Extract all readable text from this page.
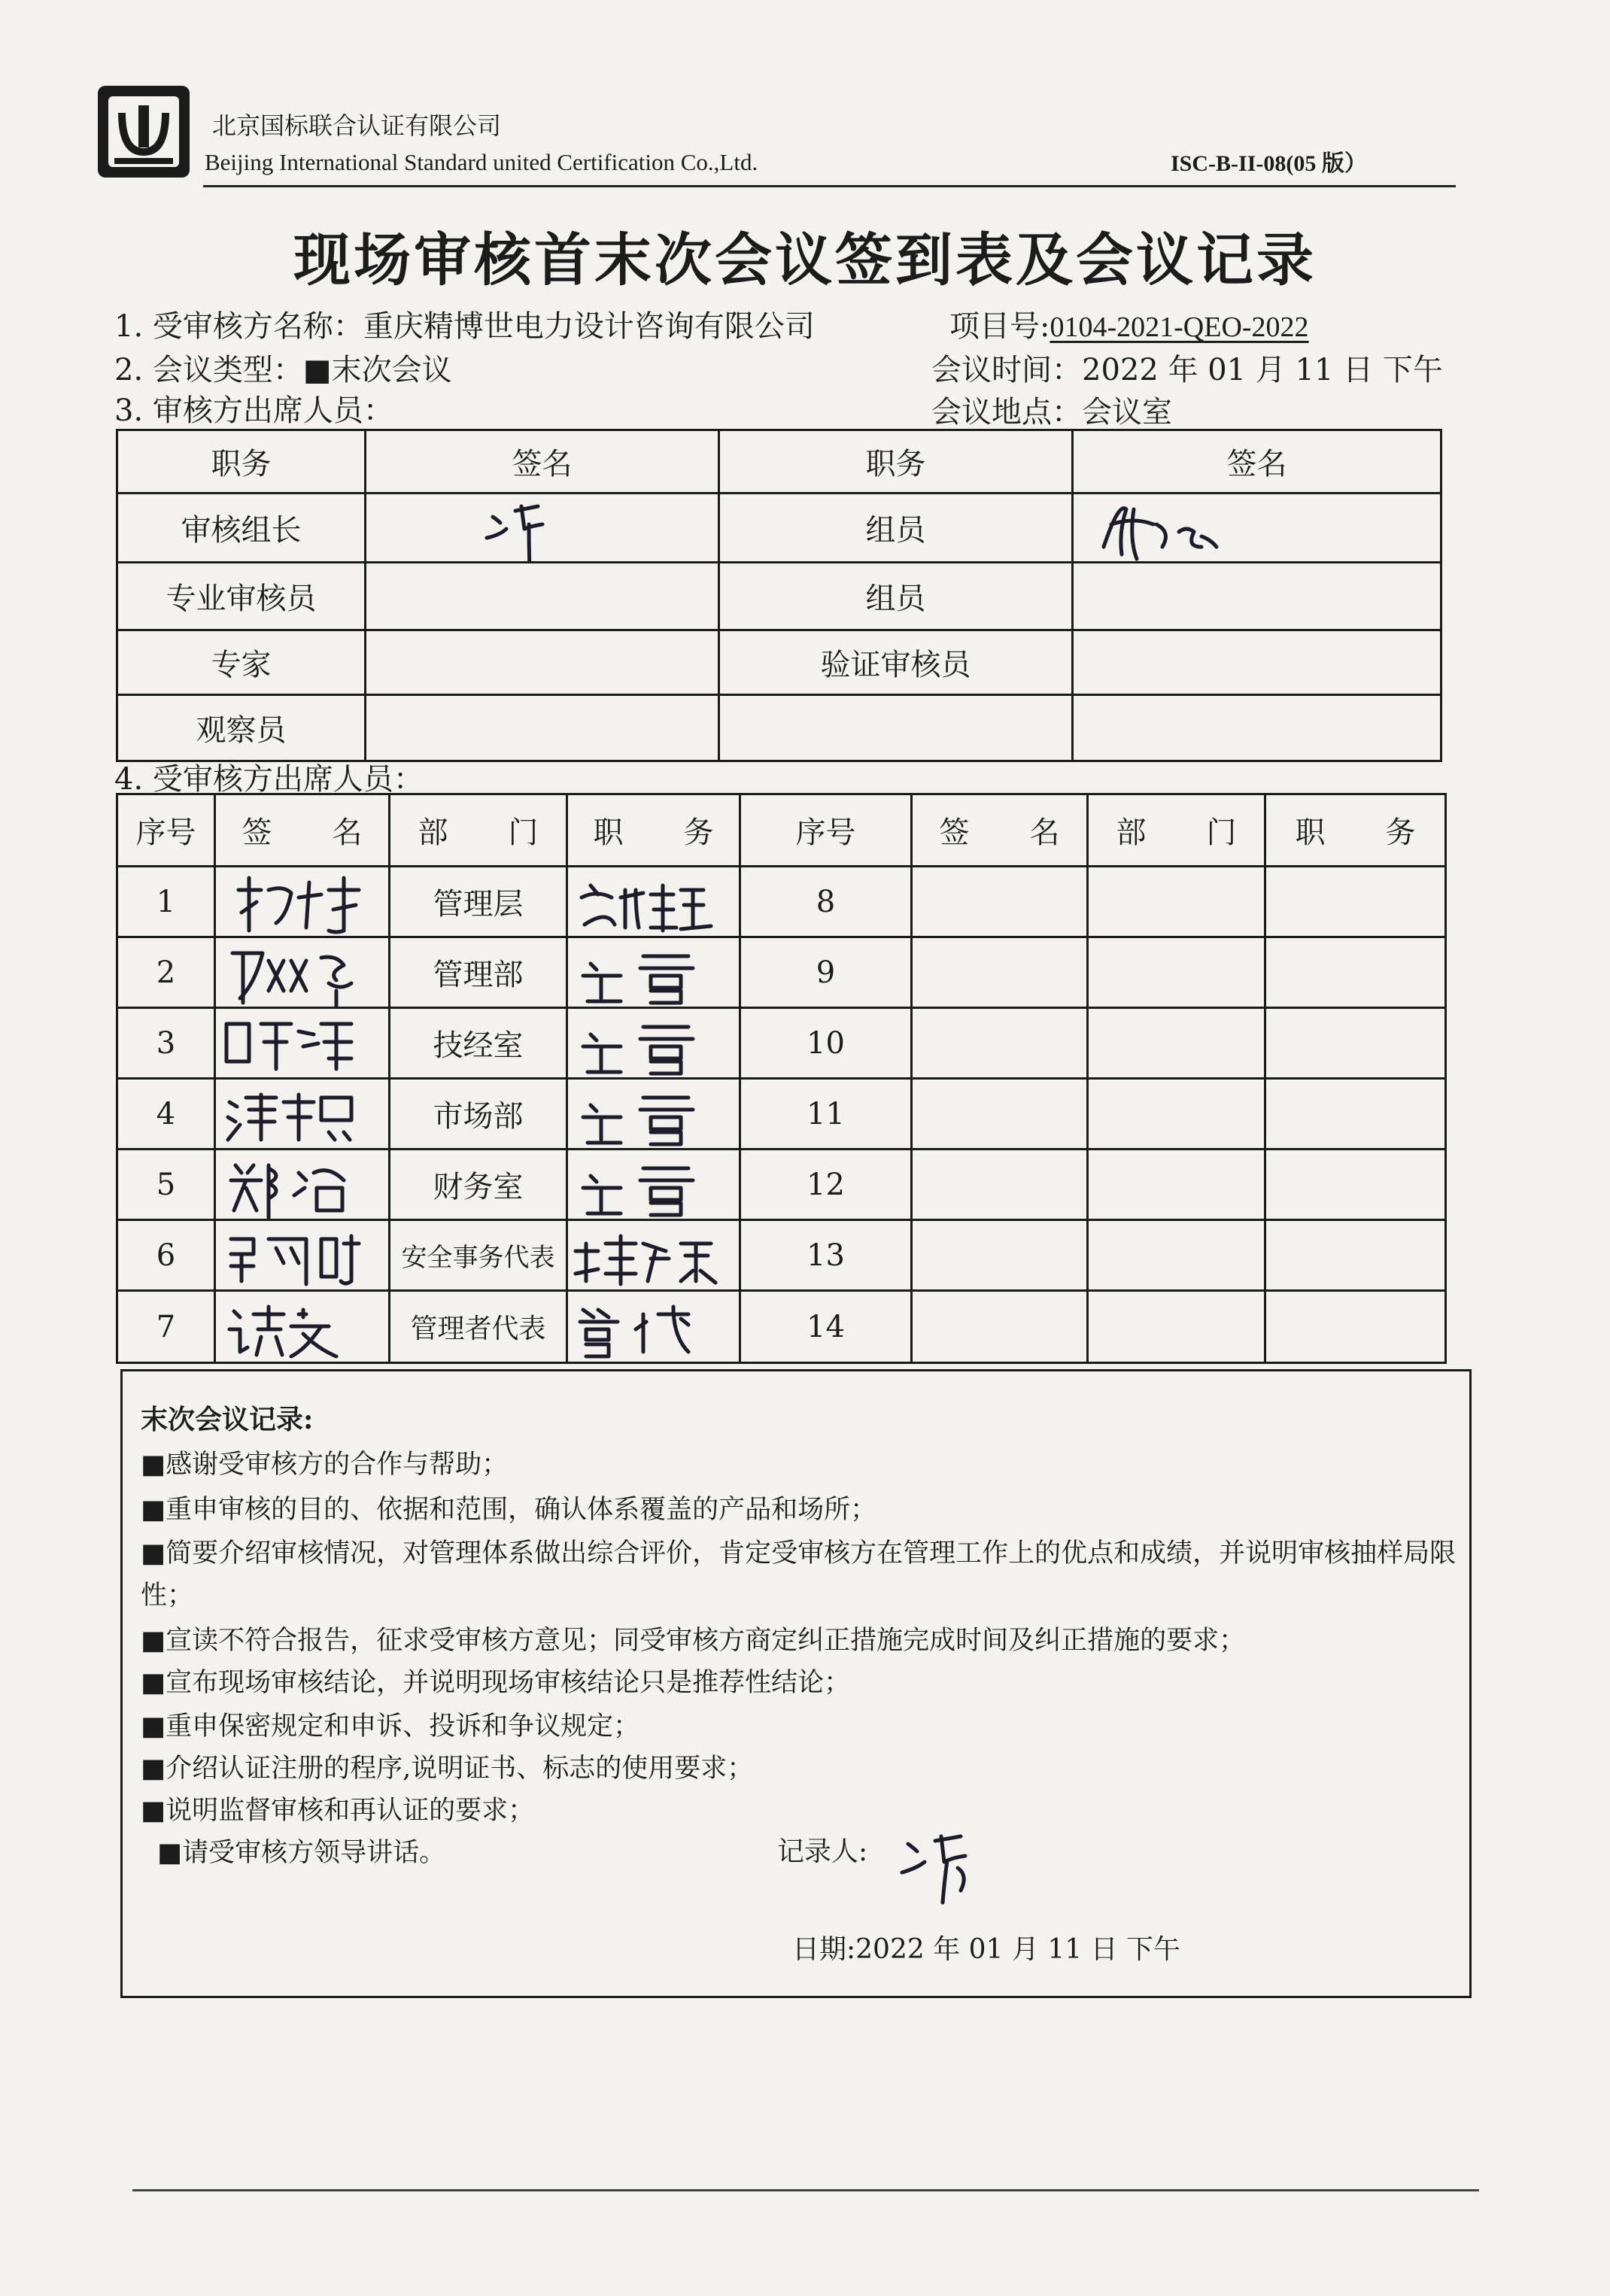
北京国标联合认证有限公司
Beijing International Standard united Certification Co.,Ltd.	ISC-B-II-08(05 版）
现场审核首末次会议签到表及会议记录
1. 受审核方名称：重庆精博世电力设计咨询有限公司	项目号:0104-2021-QEO-2022
2. 会议类型：■末次会议	会议时间：2022 年 01 月 11 日 下午
3. 审核方出席人员：	会议地点：会议室
职务	签名	职务	签名
审核组长		组员	

专业审核员		组员	
专家		验证审核员	
观察员			
4. 受审核方出席人员：
序号	签　　名	部　　门	职　　务	序号	签　　名	部　　门	职　　务
1		管理层		8			
2		管理部		9			
3		技经室		10			
4		市场部		11			
5		财务室		12			
6		安全事务代表		13			
7		管理者代表		14			
末次会议记录:
■感谢受审核方的合作与帮助；
■重申审核的目的、依据和范围，确认体系覆盖的产品和场所；
■简要介绍审核情况，对管理体系做出综合评价，肯定受审核方在管理工作上的优点和成绩，并说明审核抽样局限性；
■宣读不符合报告，征求受审核方意见；同受审核方商定纠正措施完成时间及纠正措施的要求；
■宣布现场审核结论，并说明现场审核结论只是推荐性结论；
■重申保密规定和申诉、投诉和争议规定；
■介绍认证注册的程序,说明证书、标志的使用要求；
■说明监督审核和再认证的要求；
■请受审核方领导讲话。	记录人:
日期:2022 年 01 月 11 日 下午
